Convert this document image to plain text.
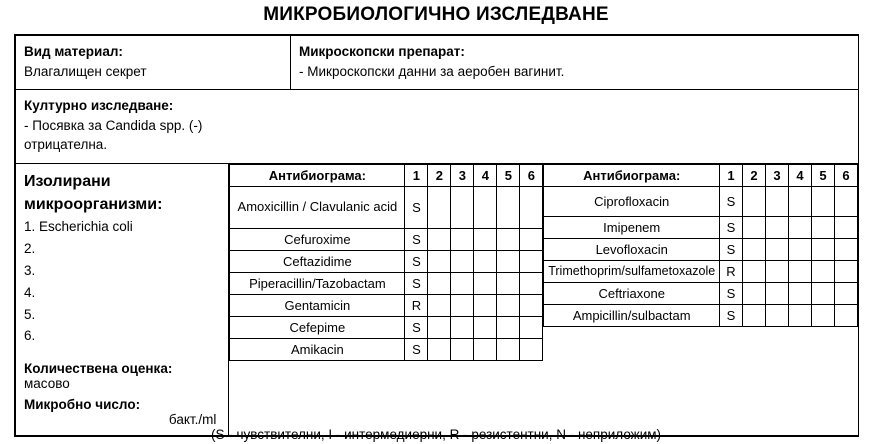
МИКРОБИОЛОГИЧНО ИЗСЛЕДВАНЕ
Вид материал:
Влагалищен секрет

Микроскопски препарат:
- Микроскопски данни за аеробен вагинит.

Културно изследване:
- Посявка за Candida spp. (-)
отрицателна.

Изолирани
микроорганизми:
1. Escherichia coli
2.
3.
4.
5.
6.
Количествена оценка:
масово
Микробно число:
бакт./ml

Антибиограма:	1	2	3	4	5	6
Amoxicillin / Clavulanic acid	S					
Cefuroxime	S					
Ceftazidime	S					
Piperacillin/Tazobactam	S					
Gentamicin	R					
Cefepime	S					
Amikacin	S					

Антибиограма:	1	2	3	4	5	6
Ciprofloxacin	S					
Imipenem	S					
Levofloxacin	S					
Trimethoprim/sulfametoxazole	R					
Ceftriaxone	S					
Ampicillin/sulbactam	S					
(S - чувствителни, I - интермедиерни, R - резистентни, N - неприложим)
